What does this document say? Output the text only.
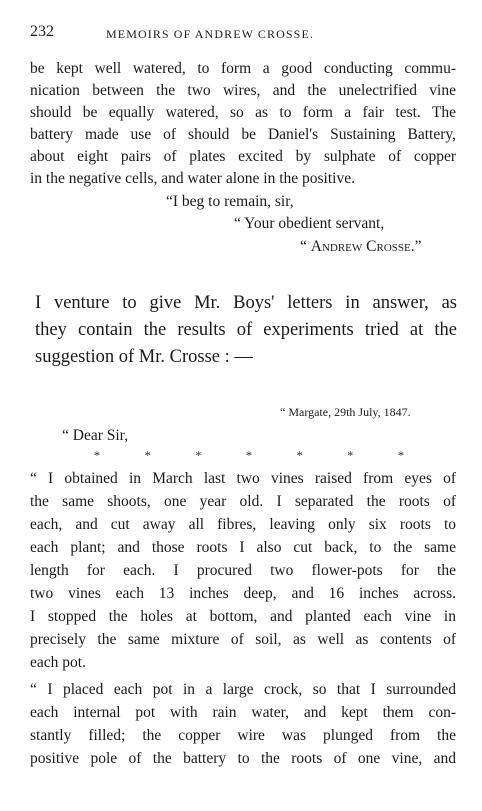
232	MEMOIRS OF ANDREW CROSSE.
be kept well watered, to form a good conducting commu-
nication between the two wires, and the unelectrified vine
should be equally watered, so as to form a fair test. The
battery made use of should be Daniel's Sustaining Battery,
about eight pairs of plates excited by sulphate of copper
in the negative cells, and water alone in the positive.
“I beg to remain, sir,
“ Your obedient servant,
“ Andrew Crosse.”
I venture to give Mr. Boys' letters in answer, as
they contain the results of experiments tried at the
suggestion of Mr. Crosse : —
“ Margate, 29th July, 1847.
“ Dear Sir,
*	*	*	*	*	*	*
“ I obtained in March last two vines raised from eyes of
the same shoots, one year old. I separated the roots of
each, and cut away all fibres, leaving only six roots to
each plant; and those roots I also cut back, to the same
length for each. I procured two flower-pots for the
two vines each 13 inches deep, and 16 inches across.
I stopped the holes at bottom, and planted each vine in
precisely the same mixture of soil, as well as contents of
each pot.
“ I placed each pot in a large crock, so that I surrounded
each internal pot with rain water, and kept them con-
stantly filled; the copper wire was plunged from the
positive pole of the battery to the roots of one vine, and
